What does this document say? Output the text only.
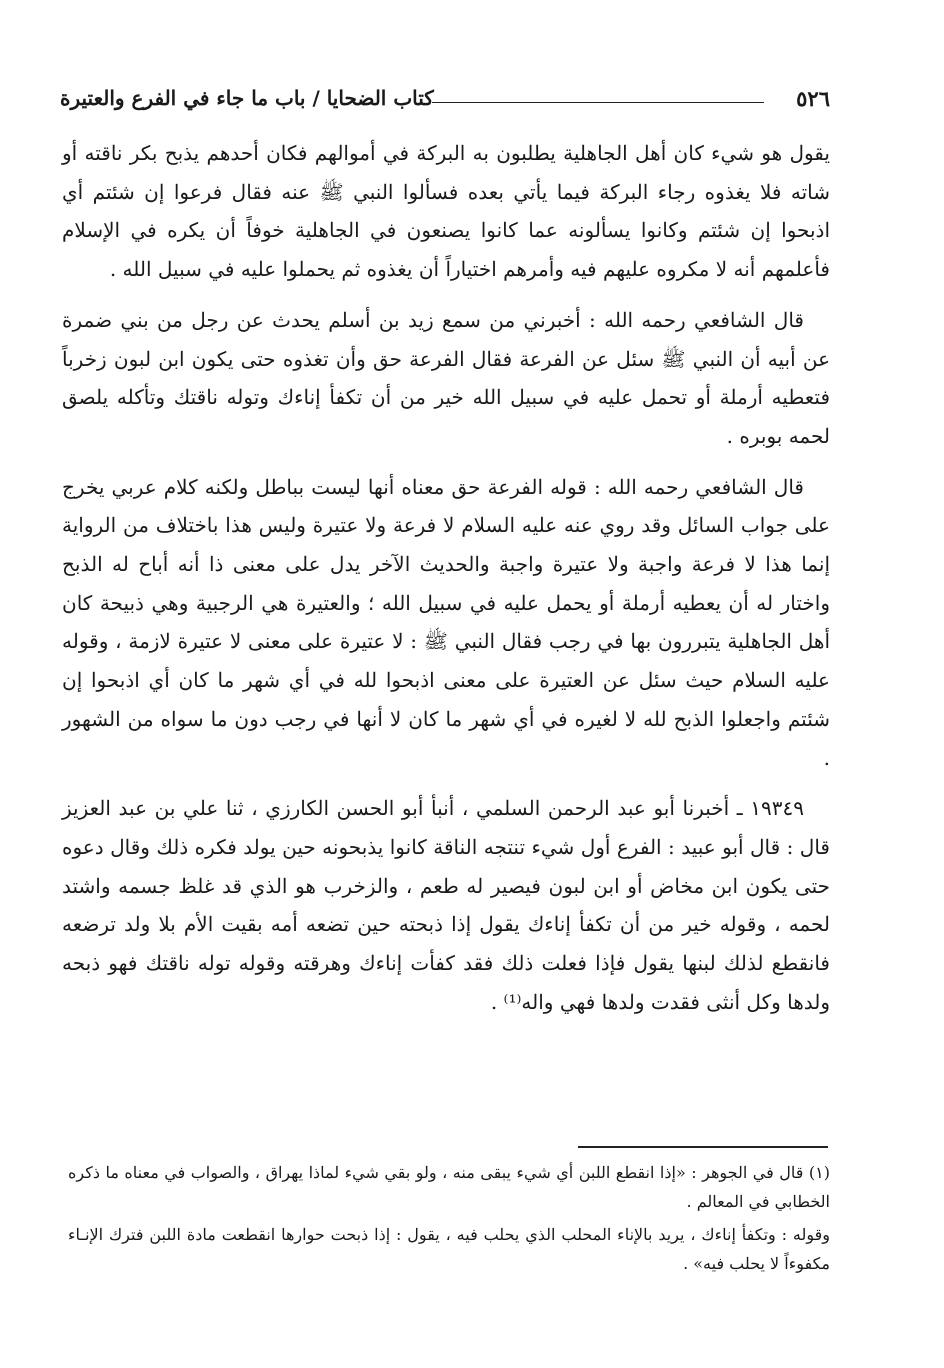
٥٢٦
كتاب الضحايا / باب ما جاء في الفرع والعتيرة

يقول هو شيء كان أهل الجاهلية يطلبون به البركة في أموالهم فكان أحدهم يذبح بكر ناقته أو شاته فلا يغذوه رجاء البركة فيما يأتي بعده فسألوا النبي ﷺ عنه فقال فرعوا إن شئتم أي اذبحوا إن شئتم وكانوا يسألونه عما كانوا يصنعون في الجاهلية خوفاً أن يكره في الإسلام فأعلمهم أنه لا مكروه عليهم فيه وأمرهم اختياراً أن يغذوه ثم يحملوا عليه في سبيل الله .

قال الشافعي رحمه الله : أخبرني من سمع زيد بن أسلم يحدث عن رجل من بني ضمرة عن أبيه أن النبي ﷺ سئل عن الفرعة فقال الفرعة حق وأن تغذوه حتى يكون ابن لبون زخرباً فتعطيه أرملة أو تحمل عليه في سبيل الله خير من أن تكفأ إناءك وتوله ناقتك وتأكله يلصق لحمه بوبره .

قال الشافعي رحمه الله : قوله الفرعة حق معناه أنها ليست بباطل ولكنه كلام عربي يخرج على جواب السائل وقد روي عنه عليه السلام لا فرعة ولا عتيرة وليس هذا باختلاف من الرواية إنما هذا لا فرعة واجبة ولا عتيرة واجبة والحديث الآخر يدل على معنى ذا أنه أباح له الذبح واختار له أن يعطيه أرملة أو يحمل عليه في سبيل الله ؛ والعتيرة هي الرجبية وهي ذبيحة كان أهل الجاهلية يتبررون بها في رجب فقال النبي ﷺ : لا عتيرة على معنى لا عتيرة لازمة ، وقوله عليه السلام حيث سئل عن العتيرة على معنى اذبحوا لله في أي شهر ما كان أي اذبحوا إن شئتم واجعلوا الذبح لله لا لغيره في أي شهر ما كان لا أنها في رجب دون ما سواه من الشهور .

١٩٣٤٩ ـ أخبرنا أبو عبد الرحمن السلمي ، أنبأ أبو الحسن الكارزي ، ثنا علي بن عبد العزيز قال : قال أبو عبيد : الفرع أول شيء تنتجه الناقة كانوا يذبحونه حين يولد فكره ذلك وقال دعوه حتى يكون ابن مخاض أو ابن لبون فيصير له طعم ، والزخرب هو الذي قد غلظ جسمه واشتد لحمه ، وقوله خير من أن تكفأ إناءك يقول إذا ذبحته حين تضعه أمه بقيت الأم بلا ولد ترضعه فانقطع لذلك لبنها يقول فإذا فعلت ذلك فقد كفأت إناءك وهرقته وقوله توله ناقتك فهو ذبحه ولدها وكل أنثى فقدت ولدها فهي واله⁽¹⁾ .

(١) قال في الجوهر : «إذا انقطع اللبن أي شيء يبقى منه ، ولو بقي شيء لماذا يهراق ، والصواب في معناه ما ذكره الخطابي في المعالم .

وقوله : وتكفأ إناءك ، يريد بالإناء المحلب الذي يحلب فيه ، يقول : إذا ذبحت حوارها انقطعت مادة اللبن فترك الإنـاء مكفوءاً لا يحلب فيه» .
